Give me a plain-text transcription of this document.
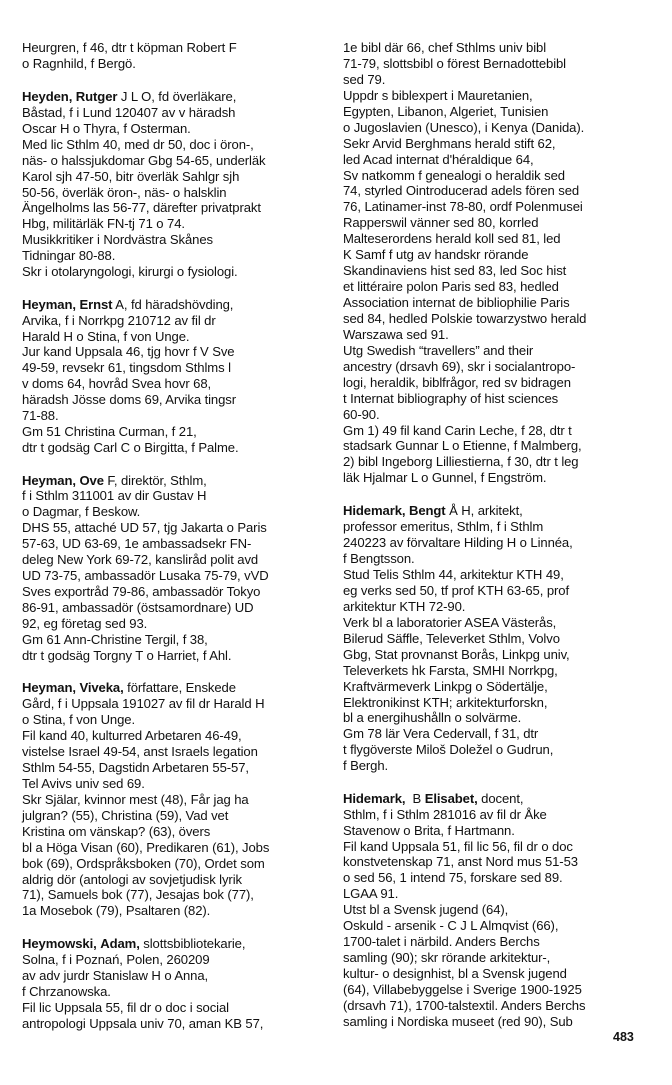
Heurgren, f 46, dtr t köpman Robert F
o Ragnhild, f Bergö.
Heyden, Rutger J L O, fd överläkare,
Båstad, f i Lund 120407 av v häradsh
Oscar H o Thyra, f Osterman.
Med lic Sthlm 40, med dr 50, doc i öron-,
näs- o halssjukdomar Gbg 54-65, underläk
Karol sjh 47-50, bitr överläk Sahlgr sjh
50-56, överläk öron-, näs- o halsklin
Ängelholms las 56-77, därefter privatprakt
Hbg, militärläk FN-tj 71 o 74.
Musikkritiker i Nordvästra Skånes
Tidningar 80-88.
Skr i otolaryngologi, kirurgi o fysiologi.
Heyman, Ernst A, fd häradshövding,
Arvika, f i Norrkpg 210712 av fil dr
Harald H o Stina, f von Unge.
Jur kand Uppsala 46, tjg hovr f V Sve
49-59, revsekr 61, tingsdom Sthlms l
v doms 64, hovråd Svea hovr 68,
häradsh Jösse doms 69, Arvika tingsr
71-88.
Gm 51 Christina Curman, f 21,
dtr t godsäg Carl C o Birgitta, f Palme.
Heyman, Ove F, direktör, Sthlm,
f i Sthlm 311001 av dir Gustav H
o Dagmar, f Beskow.
DHS 55, attaché UD 57, tjg Jakarta o Paris
57-63, UD 63-69, 1e ambassadsekr FN-
deleg New York 69-72, kansliråd polit avd
UD 73-75, ambassadör Lusaka 75-79, vVD
Sves exportråd 79-86, ambassadör Tokyo
86-91, ambassadör (östsamordnare) UD
92, eg företag sed 93.
Gm 61 Ann-Christine Tergil, f 38,
dtr t godsäg Torgny T o Harriet, f Ahl.
Heyman, Viveka, författare, Enskede
Gård, f i Uppsala 191027 av fil dr Harald H
o Stina, f von Unge.
Fil kand 40, kulturred Arbetaren 46-49,
vistelse Israel 49-54, anst Israels legation
Sthlm 54-55, Dagstidn Arbetaren 55-57,
Tel Avivs univ sed 69.
Skr Själar, kvinnor mest (48), Får jag ha
julgran? (55), Christina (59), Vad vet
Kristina om vänskap? (63), övers
bl a Höga Visan (60), Predikaren (61), Jobs
bok (69), Ordspråksboken (70), Ordet som
aldrig dör (antologi av sovjetjudisk lyrik
71), Samuels bok (77), Jesajas bok (77),
1a Mosebok (79), Psaltaren (82).
Heymowski, Adam, slottsbibliotekarie,
Solna, f i Poznań, Polen, 260209
av adv jurdr Stanislaw H o Anna,
f Chrzanowska.
Fil lic Uppsala 55, fil dr o doc i social
antropologi Uppsala univ 70, aman KB 57,
1e bibl där 66, chef Sthlms univ bibl
71-79, slottsbibl o förest Bernadottebibl
sed 79.
Uppdr s biblexpert i Mauretanien,
Egypten, Libanon, Algeriet, Tunisien
o Jugoslavien (Unesco), i Kenya (Danida).
Sekr Arvid Berghmans herald stift 62,
led Acad internat d'héraldique 64,
Sv natkomm f genealogi o heraldik sed
74, styrled Ointroducerad adels fören sed
76, Latinamer-inst 78-80, ordf Polenmusei
Rapperswil vänner sed 80, korrled
Malteserordens herald koll sed 81, led
K Samf f utg av handskr rörande
Skandinaviens hist sed 83, led Soc hist
et littéraire polon Paris sed 83, hedled
Association internat de bibliophilie Paris
sed 84, hedled Polskie towarzystwo herald
Warszawa sed 91.
Utg Swedish “travellers” and their
ancestry (drsavh 69), skr i socialantropo-
logi, heraldik, biblfrågor, red sv bidragen
t Internat bibliography of hist sciences
60-90.
Gm 1) 49 fil kand Carin Leche, f 28, dtr t
stadsark Gunnar L o Etienne, f Malmberg,
2) bibl Ingeborg Lilliestierna, f 30, dtr t leg
läk Hjalmar L o Gunnel, f Engström.
Hidemark, Bengt Å H, arkitekt,
professor emeritus, Sthlm, f i Sthlm
240223 av förvaltare Hilding H o Linnéa,
f Bengtsson.
Stud Telis Sthlm 44, arkitektur KTH 49,
eg verks sed 50, tf prof KTH 63-65, prof
arkitektur KTH 72-90.
Verk bl a laboratorier ASEA Västerås,
Bilerud Säffle, Televerket Sthlm, Volvo
Gbg, Stat provnanst Borås, Linkpg univ,
Televerkets hk Farsta, SMHI Norrkpg,
Kraftvärmeverk Linkpg o Södertälje,
Elektronikinst KTH; arkitekturforskn,
bl a energihushålln o solvärme.
Gm 78 lär Vera Cedervall, f 31, dtr
t flygöverste Miloš Doležel o Gudrun,
f Bergh.
Hidemark,  B Elisabet, docent,
Sthlm, f i Sthlm 281016 av fil dr Åke
Stavenow o Brita, f Hartmann.
Fil kand Uppsala 51, fil lic 56, fil dr o doc
konstvetenskap 71, anst Nord mus 51-53
o sed 56, 1 intend 75, forskare sed 89.
LGAA 91.
Utst bl a Svensk jugend (64),
Oskuld - arsenik - C J L Almqvist (66),
1700-talet i närbild. Anders Berchs
samling (90); skr rörande arkitektur-,
kultur- o designhist, bl a Svensk jugend
(64), Villabebyggelse i Sverige 1900-1925
(drsavh 71), 1700-talstextil. Anders Berchs
samling i Nordiska museet (red 90), Sub
483
